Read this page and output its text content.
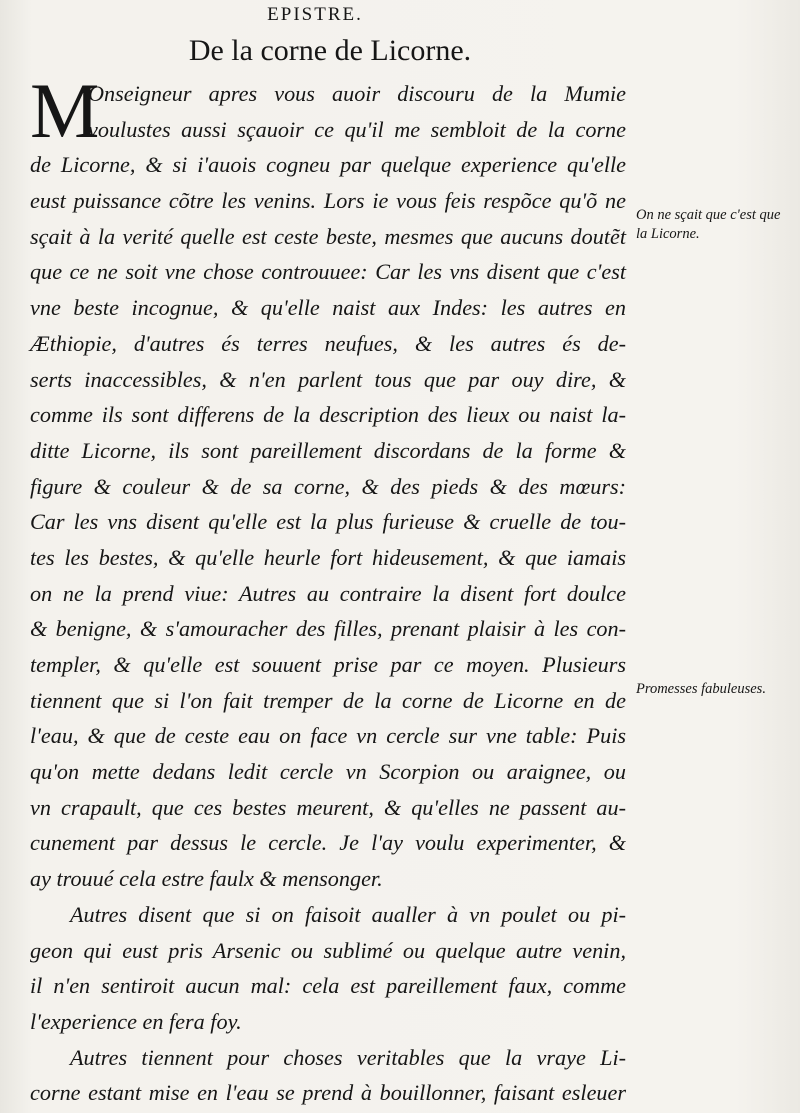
EPISTRE.
De la corne de Licorne.
M
Onseigneur apres vous auoir discouru de la Mumie
voulustes aussi sçauoir ce qu'il me sembloit de la corne
de Licorne, & si i'auois cogneu par quelque experience qu'elle
eust puissance cõtre les venins. Lors ie vous feis respõce qu'õ ne
sçait à la verité quelle est ceste beste, mesmes que aucuns doutẽt
que ce ne soit vne chose controuuee: Car les vns disent que c'est
vne beste incognue, & qu'elle naist aux Indes: les autres en
Æthiopie, d'autres és terres neufues, & les autres és de-
serts inaccessibles, & n'en parlent tous que par ouy dire, &
comme ils sont differens de la description des lieux ou naist la-
ditte Licorne, ils sont pareillement discordans de la forme &
figure & couleur & de sa corne, & des pieds & des mœurs:
Car les vns disent qu'elle est la plus furieuse & cruelle de tou-
tes les bestes, & qu'elle heurle fort hideusement, & que iamais
on ne la prend viue: Autres au contraire la disent fort doulce
& benigne, & s'amouracher des filles, prenant plaisir à les con-
templer, & qu'elle est souuent prise par ce moyen. Plusieurs
tiennent que si l'on fait tremper de la corne de Licorne en de
l'eau, & que de ceste eau on face vn cercle sur vne table: Puis
qu'on mette dedans ledit cercle vn Scorpion ou araignee, ou
vn crapault, que ces bestes meurent, & qu'elles ne passent au-
cunement par dessus le cercle. Je l'ay voulu experimenter, &
ay trouué cela estre faulx & mensonger.
Autres disent que si on faisoit aualler à vn poulet ou pi-
geon qui eust pris Arsenic ou sublimé ou quelque autre venin,
il n'en sentiroit aucun mal: cela est pareillement faux, comme
l'experience en fera foy.
Autres tiennent pour choses veritables que la vraye Li-
corne estant mise en l'eau se prend à bouillonner, faisant esleuer
On ne sçait que c'est que la Licorne.
Promesses fabuleuses.
